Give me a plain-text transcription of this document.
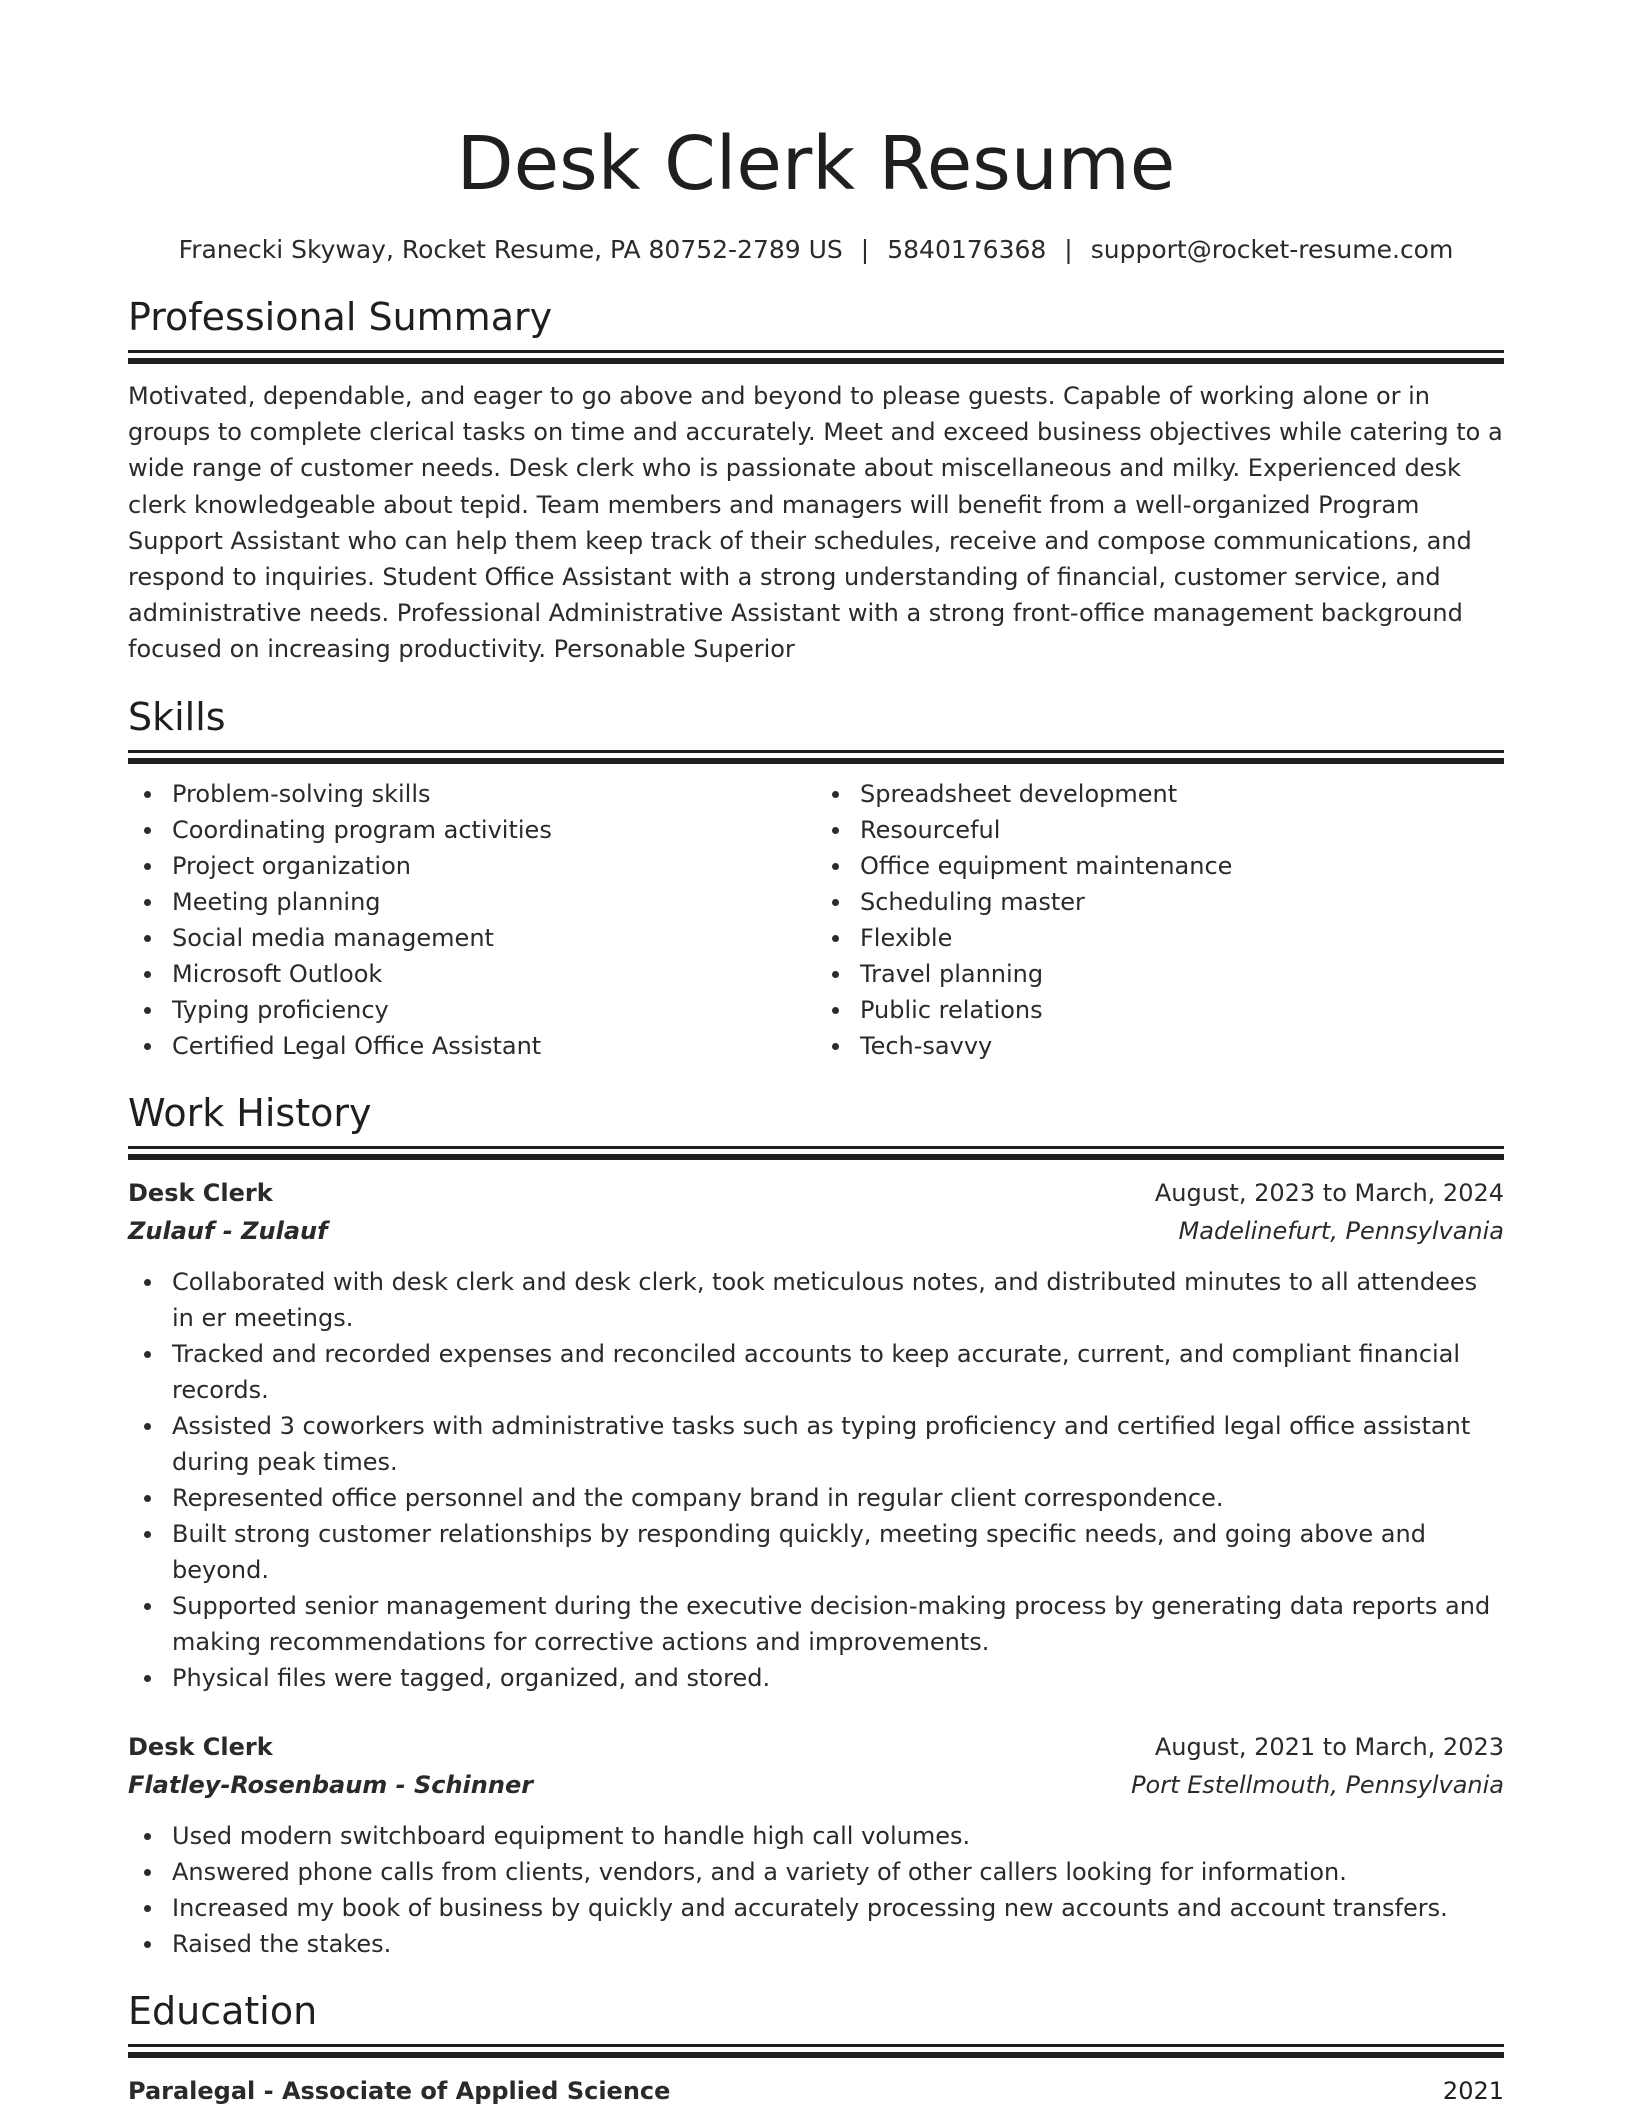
Desk Clerk Resume
Franecki Skyway, Rocket Resume, PA 80752-2789 US | 5840176368 | support@rocket-resume.com
Professional Summary
Motivated, dependable, and eager to go above and beyond to please guests. Capable of working alone or in groups to complete clerical tasks on time and accurately. Meet and exceed business objectives while catering to a wide range of customer needs. Desk clerk who is passionate about miscellaneous and milky. Experienced desk clerk knowledgeable about tepid. Team members and managers will benefit from a well-organized Program Support Assistant who can help them keep track of their schedules, receive and compose communications, and respond to inquiries. Student Office Assistant with a strong understanding of financial, customer service, and administrative needs. Professional Administrative Assistant with a strong front-office management background focused on increasing productivity. Personable Superior
Skills
Problem-solving skills
Coordinating program activities
Project organization
Meeting planning
Social media management
Microsoft Outlook
Typing proficiency
Certified Legal Office Assistant
Spreadsheet development
Resourceful
Office equipment maintenance
Scheduling master
Flexible
Travel planning
Public relations
Tech-savvy
Work History
Desk Clerk	August, 2023 to March, 2024
Zulauf - Zulauf	Madelinefurt, Pennsylvania
Collaborated with desk clerk and desk clerk, took meticulous notes, and distributed minutes to all attendees in er meetings.
Tracked and recorded expenses and reconciled accounts to keep accurate, current, and compliant financial records.
Assisted 3 coworkers with administrative tasks such as typing proficiency and certified legal office assistant during peak times.
Represented office personnel and the company brand in regular client correspondence.
Built strong customer relationships by responding quickly, meeting specific needs, and going above and beyond.
Supported senior management during the executive decision-making process by generating data reports and making recommendations for corrective actions and improvements.
Physical files were tagged, organized, and stored.
Desk Clerk	August, 2021 to March, 2023
Flatley-Rosenbaum - Schinner	Port Estellmouth, Pennsylvania
Used modern switchboard equipment to handle high call volumes.
Answered phone calls from clients, vendors, and a variety of other callers looking for information.
Increased my book of business by quickly and accurately processing new accounts and account transfers.
Raised the stakes.
Education
Paralegal - Associate of Applied Science	2021
